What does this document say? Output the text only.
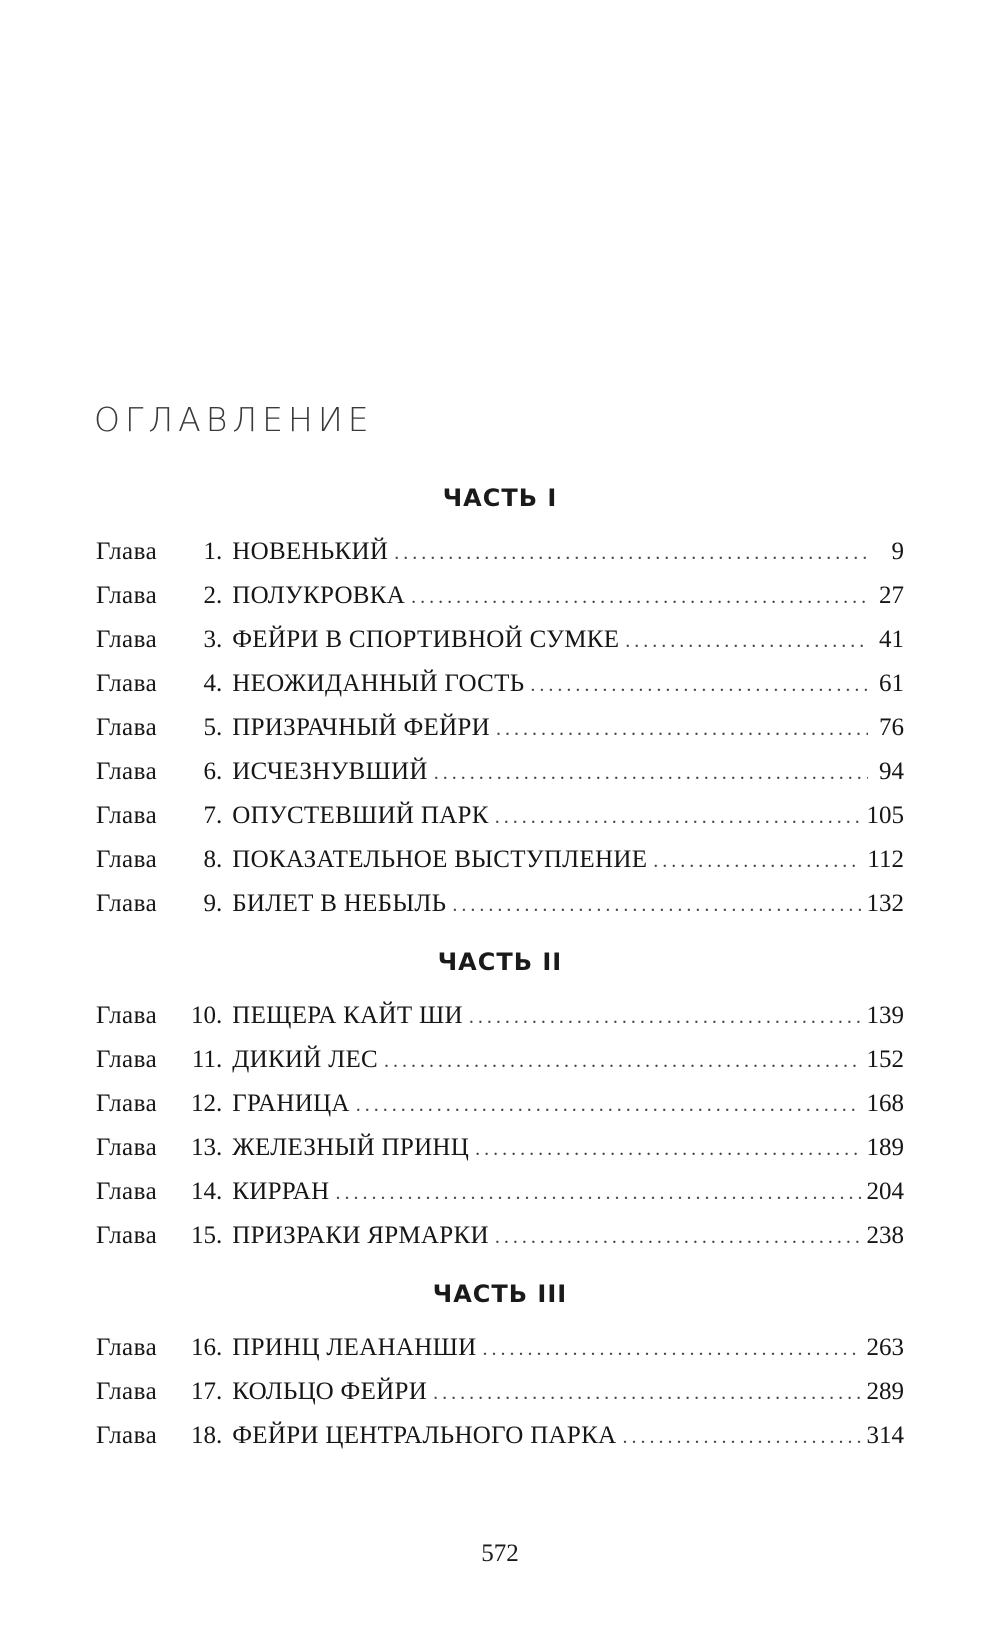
ОГЛАВЛЕНИЕ
ЧАСТЬ I
Глава	1 . НОВЕНЬКИЙ .....	9
Глава	2 . ПОЛУКРОВКА .....	27
Глава	3 . ФЕЙРИ В СПОРТИВНОЙ СУМКЕ .....	41
Глава	4 . НЕОЖИДАННЫЙ ГОСТЬ .....	61
Глава	5 . ПРИЗРАЧНЫЙ ФЕЙРИ .....	76
Глава	6 . ИСЧЕЗНУВШИЙ .....	94
Глава	7 . ОПУСТЕВШИЙ ПАРК .....	105
Глава	8 . ПОКАЗАТЕЛЬНОЕ ВЫСТУПЛЕНИЕ .....	112
Глава	9 . БИЛЕТ В НЕБЫЛЬ .....	132
ЧАСТЬ II
Глава	10 . ПЕЩЕРА КАЙТ ШИ .....	139
Глава	11 . ДИКИЙ ЛЕС .....	152
Глава	12 . ГРАНИЦА .....	168
Глава	13 . ЖЕЛЕЗНЫЙ ПРИНЦ .....	189
Глава	14 . КИРРАН .....	204
Глава	15 . ПРИЗРАКИ ЯРМАРКИ .....	238
ЧАСТЬ III
Глава	16 . ПРИНЦ ЛЕАНАНШИ .....	263
Глава	17 . КОЛЬЦО ФЕЙРИ .....	289
Глава	18 . ФЕЙРИ ЦЕНТРАЛЬНОГО ПАРКА .....	314
572
